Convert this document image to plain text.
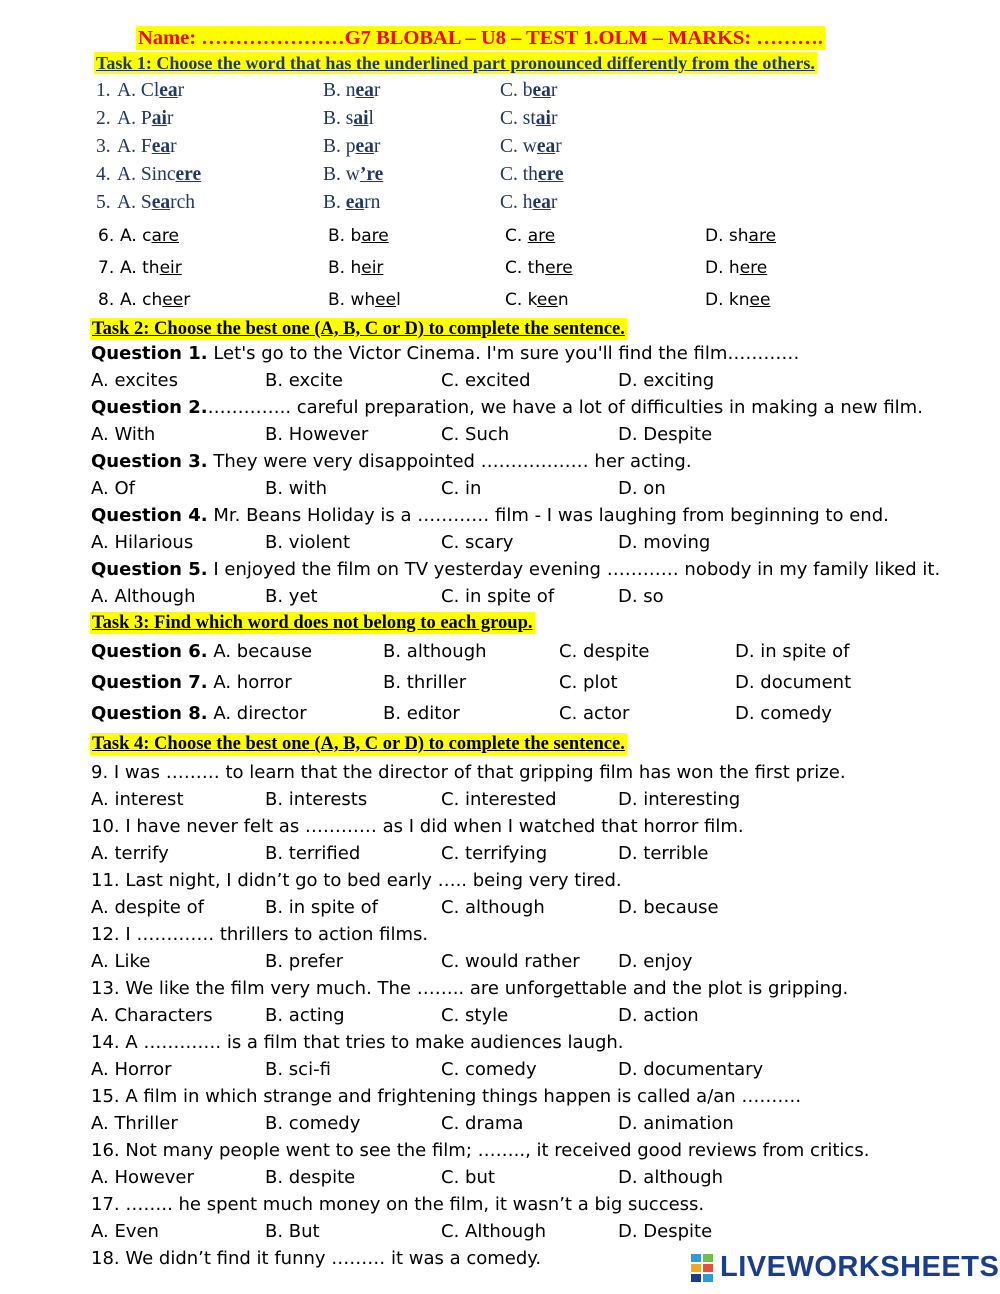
Name: …………………G7 BLOBAL – U8 – TEST 1.OLM – MARKS: ……….
Task 1: Choose the word that has the underlined part pronounced differently from the others.
1. A. Clear	B. near	C. bear
2. A. Pair	B. sail	C. stair
3. A. Fear	B. pear	C. wear
4. A. Sincere	B. w’re	C. there
5. A. Search	B. earn	C. hear
6. A. care	B. bare	C. are	D. share
7. A. their	B. heir	C. there	D. here
8. A. cheer	B. wheel	C. keen	D. knee
Task 2: Choose the best one (A, B, C or D) to complete the sentence.
Question 1. Let's go to the Victor Cinema. I'm sure you'll find the film…………
A. excites	B. excite	C. excited	D. exciting
Question 2.………….. careful preparation, we have a lot of difficulties in making a new film.
A. With	B. However	C. Such	D. Despite
Question 3. They were very disappointed ……………… her acting.
A. Of	B. with	C. in	D. on
Question 4. Mr. Beans Holiday is a ………… film - I was laughing from beginning to end.
A. Hilarious	B. violent	C. scary	D. moving
Question 5. I enjoyed the film on TV yesterday evening ………… nobody in my family liked it.
A. Although	B. yet	C. in spite of	D. so
Task 3: Find which word does not belong to each group.
Question 6. A. because	B. although	C. despite	D. in spite of
Question 7. A. horror	B. thriller	C. plot	D. document
Question 8. A. director	B. editor	C. actor	D. comedy
Task 4: Choose the best one (A, B, C or D) to complete the sentence.
9. I was ……… to learn that the director of that gripping film has won the first prize.
A. interest	B. interests	C. interested	D. interesting
10. I have never felt as ………… as I did when I watched that horror film.
A. terrify	B. terrified	C. terrifying	D. terrible
11. Last night, I didn’t go to bed early ….. being very tired.
A. despite of	B. in spite of	C. although	D. because
12. I …………. thrillers to action films.
A. Like	B. prefer	C. would rather D. enjoy
13. We like the film very much. The …….. are unforgettable and the plot is gripping.
A. Characters	B. acting	C. style	D. action
14. A …………. is a film that tries to make audiences laugh.
A. Horror	B. sci-fi	C. comedy	D. documentary
15. A film in which strange and frightening things happen is called a/an ……….
A. Thriller	B. comedy	C. drama	D. animation
16. Not many people went to see the film; …….., it received good reviews from critics.
A. However	B. despite	C. but	D. although
17. …….. he spent much money on the film, it wasn’t a big success.
A. Even	B. But	C. Although	D. Despite
18. We didn’t find it funny ……… it was a comedy.	LIVEWORKSHEETS
